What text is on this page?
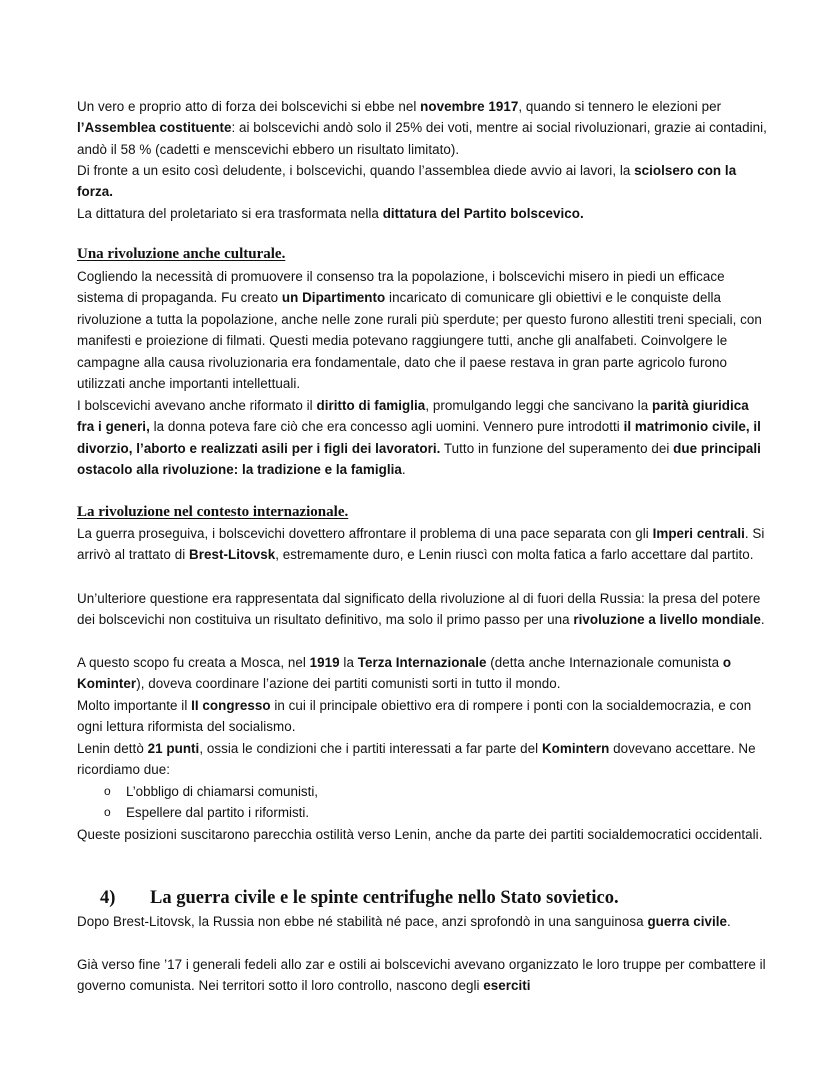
Un vero e proprio atto di forza dei bolscevichi si ebbe nel novembre 1917, quando si tennero le elezioni per l’Assemblea costituente: ai bolscevichi andò solo il 25% dei voti, mentre ai social rivoluzionari, grazie ai contadini, andò il 58 % (cadetti e menscevichi ebbero un risultato limitato).
Di fronte a un esito così deludente, i bolscevichi, quando l’assemblea diede avvio ai lavori, la sciolsero con la forza.
La dittatura del proletariato si era trasformata nella dittatura del Partito bolscevico.
Una rivoluzione anche culturale.
Cogliendo la necessità di promuovere il consenso tra la popolazione, i bolscevichi misero in piedi un efficace sistema di propaganda. Fu creato un Dipartimento incaricato di comunicare gli obiettivi e le conquiste della rivoluzione a tutta la popolazione, anche nelle zone rurali più sperdute; per questo furono allestiti treni speciali, con manifesti e proiezione di filmati. Questi media potevano raggiungere tutti, anche gli analfabeti. Coinvolgere le campagne alla causa rivoluzionaria era fondamentale, dato che il paese restava in gran parte agricolo furono utilizzati anche importanti intellettuali.
I bolscevichi avevano anche riformato il diritto di famiglia, promulgando leggi che sancivano la parità giuridica fra i generi, la donna poteva fare ciò che era concesso agli uomini. Vennero pure introdotti il matrimonio civile, il divorzio, l’aborto e realizzati asili per i figli dei lavoratori. Tutto in funzione del superamento dei due principali ostacolo alla rivoluzione: la tradizione e la famiglia.
La rivoluzione nel contesto internazionale.
La guerra proseguiva, i bolscevichi dovettero affrontare il problema di una pace separata con gli Imperi centrali. Si arrivò al trattato di Brest-Litovsk, estremamente duro, e Lenin riuscì con molta fatica a farlo accettare dal partito.
Un’ulteriore questione era rappresentata dal significato della rivoluzione al di fuori della Russia: la presa del potere dei bolscevichi non costituiva un risultato definitivo, ma solo il primo passo per una rivoluzione a livello mondiale.
A questo scopo fu creata a Mosca, nel 1919 la Terza Internazionale (detta anche Internazionale comunista o Kominter), doveva coordinare l’azione dei partiti comunisti sorti in tutto il mondo.
Molto importante il II congresso in cui il principale obiettivo era di rompere i ponti con la socialdemocrazia, e con ogni lettura riformista del socialismo.
Lenin dettò 21 punti, ossia le condizioni che i partiti interessati a far parte del Komintern dovevano accettare. Ne ricordiamo due:
o L’obbligo di chiamarsi comunisti,
o Espellere dal partito i riformisti.
Queste posizioni suscitarono parecchia ostilità verso Lenin, anche da parte dei partiti socialdemocratici occidentali.
4) La guerra civile e le spinte centrifughe nello Stato sovietico.
Dopo Brest-Litovsk, la Russia non ebbe né stabilità né pace, anzi sprofondò in una sanguinosa guerra civile.
Già verso fine ’17 i generali fedeli allo zar e ostili ai bolscevichi avevano organizzato le loro truppe per combattere il governo comunista. Nei territori sotto il loro controllo, nascono degli eserciti
